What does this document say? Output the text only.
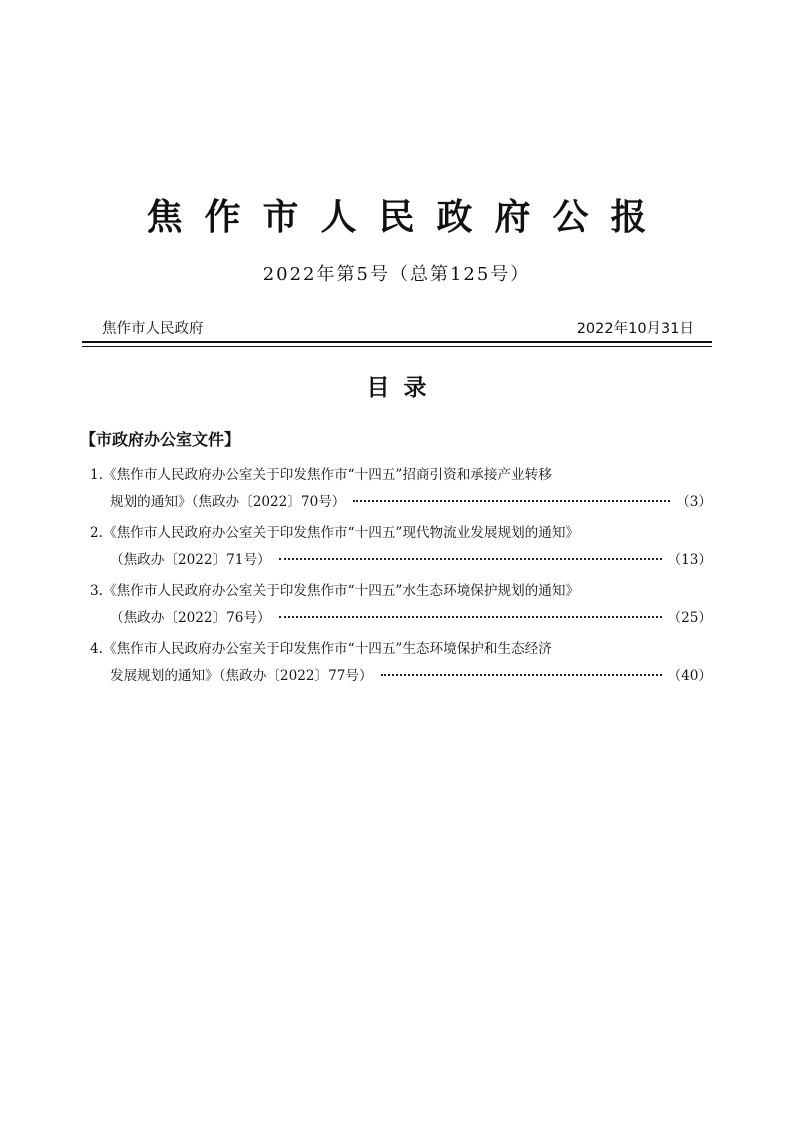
焦作市人民政府公报
2022年第5号（总第125号）
焦作市人民政府	2022年10月31日
目录
【市政府办公室文件】
1.《焦作市人民政府办公室关于印发焦作市“十四五”招商引资和承接产业转移
规划的通知》（焦政办〔2022〕70号）	（3）
2.《焦作市人民政府办公室关于印发焦作市“十四五”现代物流业发展规划的通知》
（焦政办〔2022〕71号）	（13）
3.《焦作市人民政府办公室关于印发焦作市“十四五”水生态环境保护规划的通知》
（焦政办〔2022〕76号）	（25）
4.《焦作市人民政府办公室关于印发焦作市“十四五”生态环境保护和生态经济
发展规划的通知》（焦政办〔2022〕77号）	（40）
